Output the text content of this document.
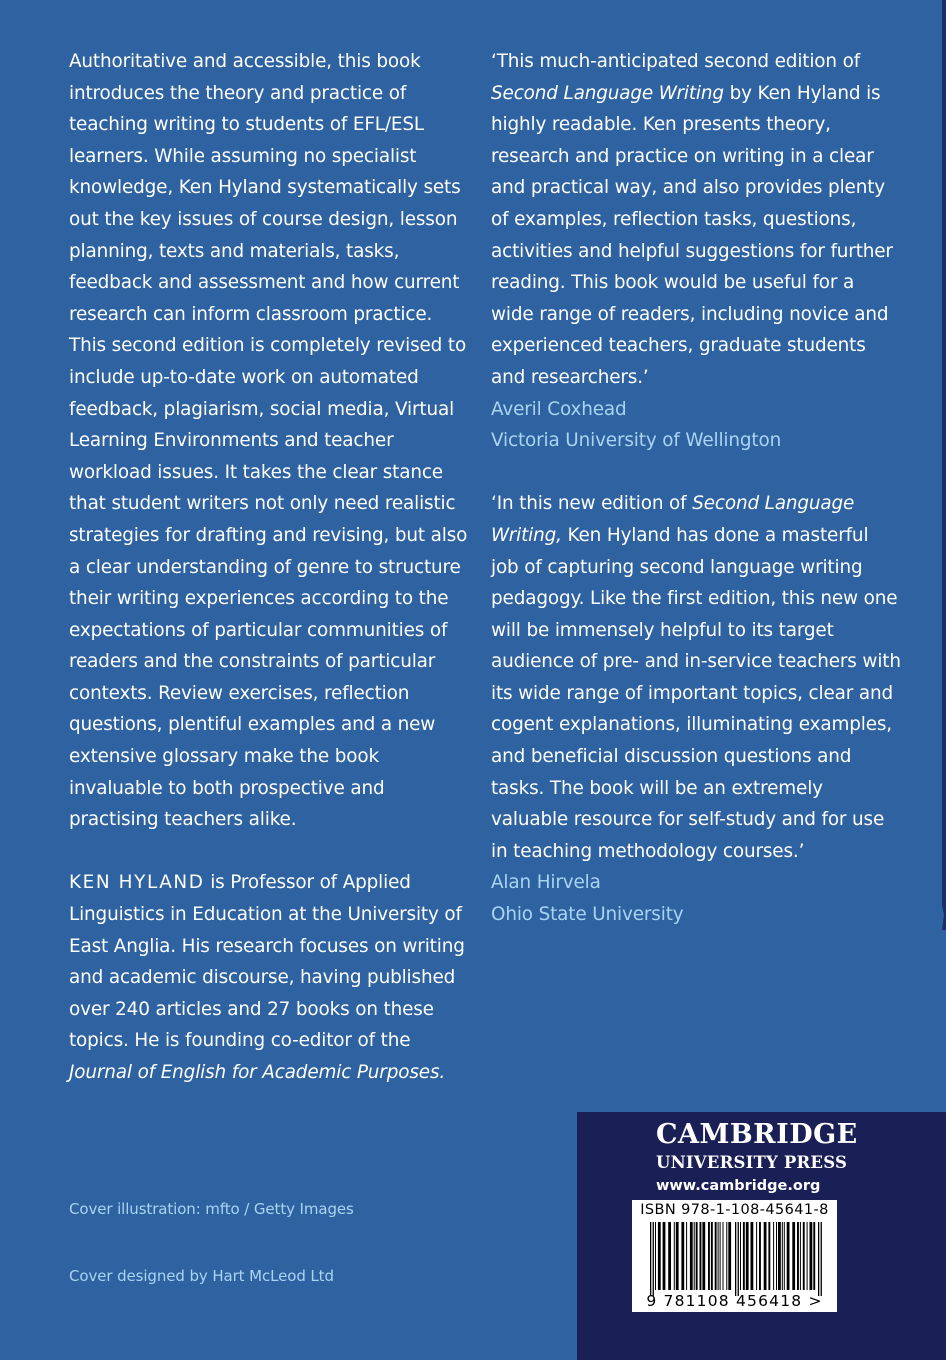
Authoritative and accessible, this book introduces the theory and practice of teaching writing to students of EFL/ESL learners. While assuming no specialist knowledge, Ken Hyland systematically sets out the key issues of course design, lesson planning, texts and materials, tasks, feedback and assessment and how current research can inform classroom practice. This second edition is completely revised to include up-to-date work on automated feedback, plagiarism, social media, Virtual Learning Environments and teacher workload issues. It takes the clear stance that student writers not only need realistic strategies for drafting and revising, but also a clear understanding of genre to structure their writing experiences according to the expectations of particular communities of readers and the constraints of particular contexts. Review exercises, reflection questions, plentiful examples and a new extensive glossary make the book invaluable to both prospective and practising teachers alike.

KEN HYLAND is Professor of Applied Linguistics in Education at the University of East Anglia. His research focuses on writing and academic discourse, having published over 240 articles and 27 books on these topics. He is founding co-editor of the Journal of English for Academic Purposes.

‘This much-anticipated second edition of Second Language Writing by Ken Hyland is highly readable. Ken presents theory, research and practice on writing in a clear and practical way, and also provides plenty of examples, reflection tasks, questions, activities and helpful suggestions for further reading. This book would be useful for a wide range of readers, including novice and experienced teachers, graduate students and researchers.’

Averil Coxhead
Victoria University of Wellington

‘In this new edition of Second Language Writing, Ken Hyland has done a masterful job of capturing second language writing pedagogy. Like the first edition, this new one will be immensely helpful to its target audience of pre- and in-service teachers with its wide range of important topics, clear and cogent explanations, illuminating examples, and beneficial discussion questions and tasks. The book will be an extremely valuable resource for self-study and for use in teaching methodology courses.’

Alan Hirvela
Ohio State University
Cover illustration: mfto / Getty Images
Cover designed by Hart McLeod Ltd
CAMBRIDGE
UNIVERSITY PRESS
www.cambridge.org
ISBN 978-1-108-45641-8
9 781108 456418 >
